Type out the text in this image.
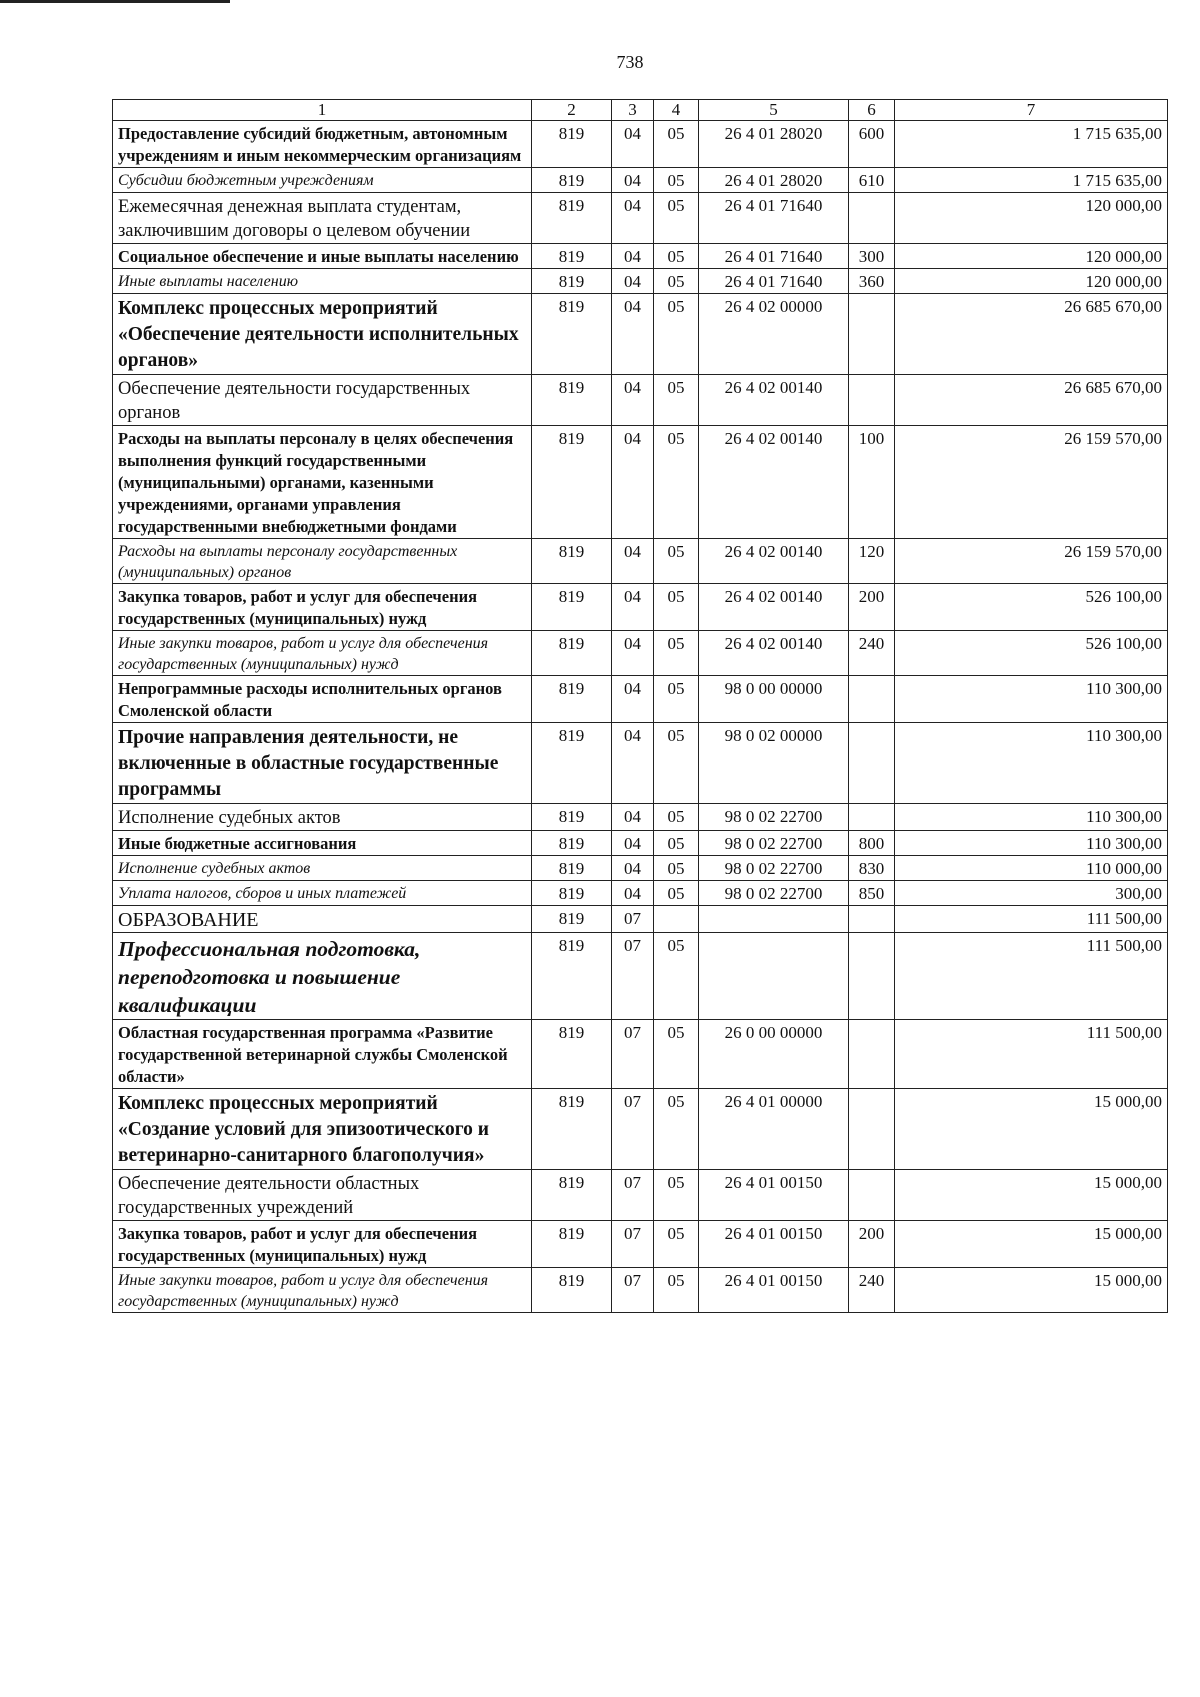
738
1	2	3	4	5	6	7
Предоставление субсидий бюджетным, автономным учреждениям и иным некоммерческим организациям	819	04	05	26 4 01 28020	600	1 715 635,00
Субсидии бюджетным учреждениям	819	04	05	26 4 01 28020	610	1 715 635,00
Ежемесячная денежная выплата студентам, заключившим договоры о целевом обучении	819	04	05	26 4 01 71640		120 000,00
Социальное обеспечение и иные выплаты населению	819	04	05	26 4 01 71640	300	120 000,00
Иные выплаты населению	819	04	05	26 4 01 71640	360	120 000,00
Комплекс процессных мероприятий «Обеспечение деятельности исполнительных органов»	819	04	05	26 4 02 00000		26 685 670,00
Обеспечение деятельности государственных органов	819	04	05	26 4 02 00140		26 685 670,00
Расходы на выплаты персоналу в целях обеспечения выполнения функций государственными (муниципальными) органами, казенными учреждениями, органами управления государственными внебюджетными фондами	819	04	05	26 4 02 00140	100	26 159 570,00
Расходы на выплаты персоналу государственных (муниципальных) органов	819	04	05	26 4 02 00140	120	26 159 570,00
Закупка товаров, работ и услуг для обеспечения государственных (муниципальных) нужд	819	04	05	26 4 02 00140	200	526 100,00
Иные закупки товаров, работ и услуг для обеспечения государственных (муниципальных) нужд	819	04	05	26 4 02 00140	240	526 100,00
Непрограммные расходы исполнительных органов Смоленской области	819	04	05	98 0 00 00000		110 300,00
Прочие направления деятельности, не включенные в областные государственные программы	819	04	05	98 0 02 00000		110 300,00
Исполнение судебных актов	819	04	05	98 0 02 22700		110 300,00
Иные бюджетные ассигнования	819	04	05	98 0 02 22700	800	110 300,00
Исполнение судебных актов	819	04	05	98 0 02 22700	830	110 000,00
Уплата налогов, сборов и иных платежей	819	04	05	98 0 02 22700	850	300,00
ОБРАЗОВАНИЕ	819	07				111 500,00
Профессиональная подготовка, переподготовка и повышение квалификации	819	07	05			111 500,00
Областная государственная программа «Развитие государственной ветеринарной службы Смоленской области»	819	07	05	26 0 00 00000		111 500,00
Комплекс процессных мероприятий «Создание условий для эпизоотического и ветеринарно-санитарного благополучия»	819	07	05	26 4 01 00000		15 000,00
Обеспечение деятельности областных государственных учреждений	819	07	05	26 4 01 00150		15 000,00
Закупка товаров, работ и услуг для обеспечения государственных (муниципальных) нужд	819	07	05	26 4 01 00150	200	15 000,00
Иные закупки товаров, работ и услуг для обеспечения государственных (муниципальных) нужд	819	07	05	26 4 01 00150	240	15 000,00
